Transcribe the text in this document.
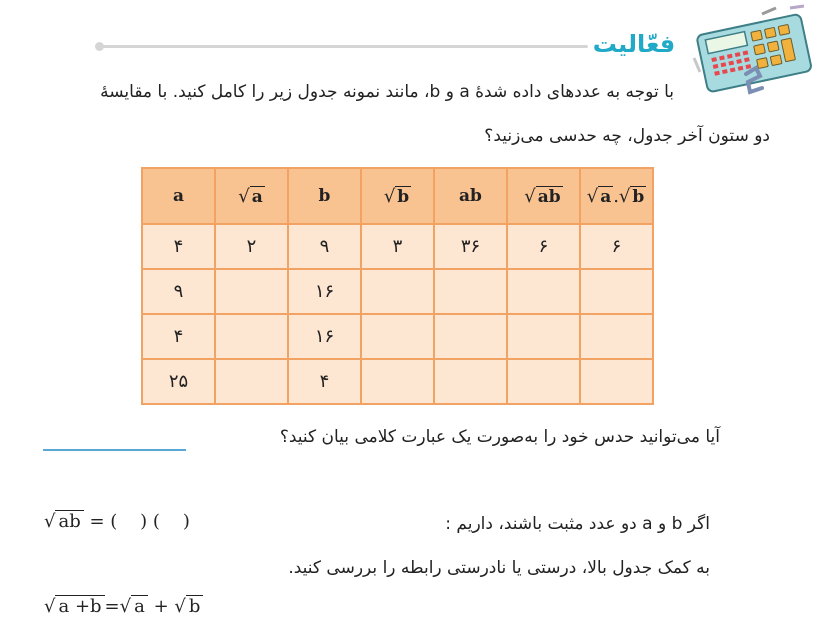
فعّالیت
با توجه به عددهای داده شدهٔ a و b، مانند نمونه جدول زیر را کامل کنید. با مقایسهٔ
دو ستون آخر جدول، چه حدسی می‌زنید؟
a	√ a	b	√ b	ab	√ ab	√ a .√ b
۴	۲	۹	۳	۳۶	۶	۶
۹		۱۶				
۴		۱۶				
۲۵		۴				
آیا می‌توانید حدس خود را به‌صورت یک عبارت کلامی بیان کنید؟
اگر b و a دو عدد مثبت باشند، داریم :
√ ab = (    ) (    )
به کمک جدول بالا، درستی یا نادرستی رابطه را بررسی کنید.
√ a +b =√ a + √ b
